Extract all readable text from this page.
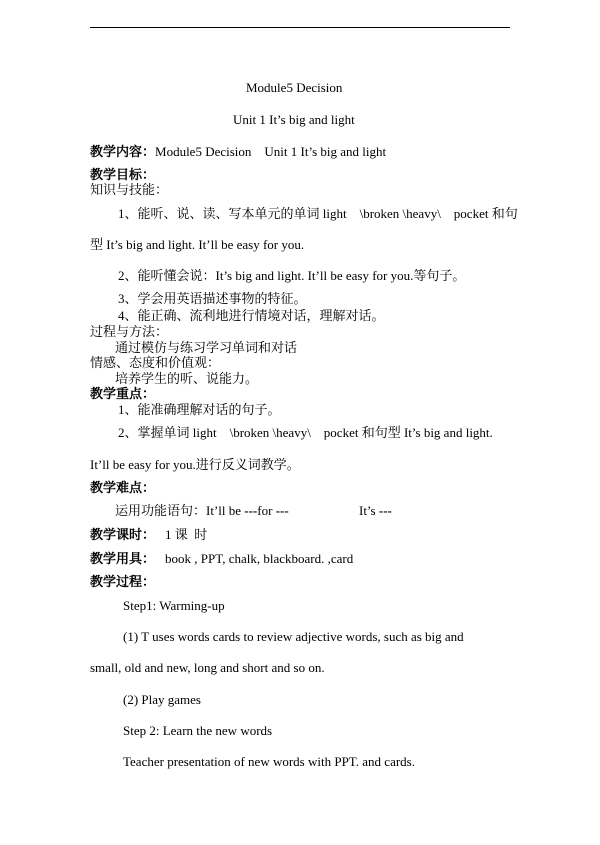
Module5 Decision
Unit 1 It’s big and light
教学内容：Module5 Decision    Unit 1 It’s big and light
教学目标：
知识与技能：
1、能听、说、读、写本单元的单词 light    \broken \heavy\    pocket 和句
型 It’s big and light. It’ll be easy for you.
2、能听懂会说：It’s big and light. It’ll be easy for you.等句子。
3、学会用英语描述事物的特征。
4、能正确、流利地进行情境对话，理解对话。
过程与方法：
通过模仿与练习学习单词和对话
情感、态度和价值观：
培养学生的听、说能力。
教学重点：
1、能准确理解对话的句子。
2、掌握单词 light    \broken \heavy\    pocket 和句型 It’s big and light.
It’ll be easy for you.进行反义词教学。
教学难点：
运用功能语句：It’ll be ---for ---	It’s ---
教学课时： 1 课  时
教学用具： book , PPT, chalk, blackboard. ,card
教学过程：
Step1: Warming-up
(1) T uses words cards to review adjective words, such as big and
small, old and new, long and short and so on.
(2) Play games
Step 2: Learn the new words
Teacher presentation of new words with PPT. and cards.
